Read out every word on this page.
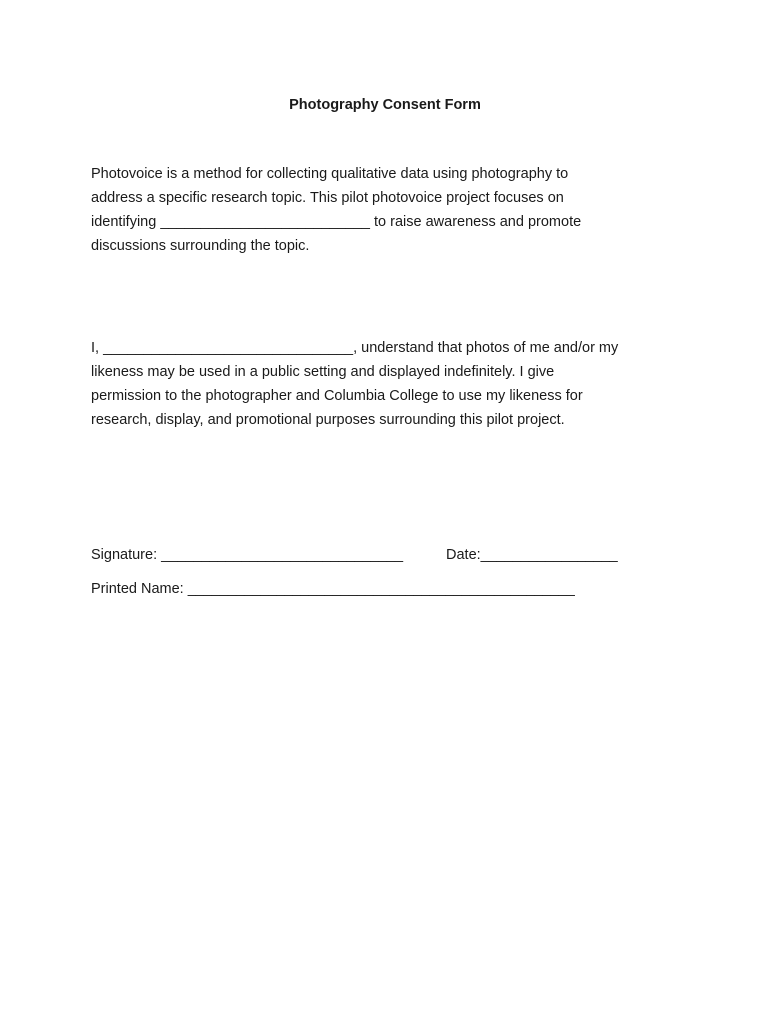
Photography Consent Form
Photovoice is a method for collecting qualitative data using photography to
address a specific research topic. This pilot photovoice project focuses on
identifying __________________________ to raise awareness and promote
discussions surrounding the topic.
I, _______________________________, understand that photos of me and/or my
likeness may be used in a public setting and displayed indefinitely. I give
permission to the photographer and Columbia College to use my likeness for
research, display, and promotional purposes surrounding this pilot project.
Signature: ______________________________	Date:_________________
Printed Name: ________________________________________________
